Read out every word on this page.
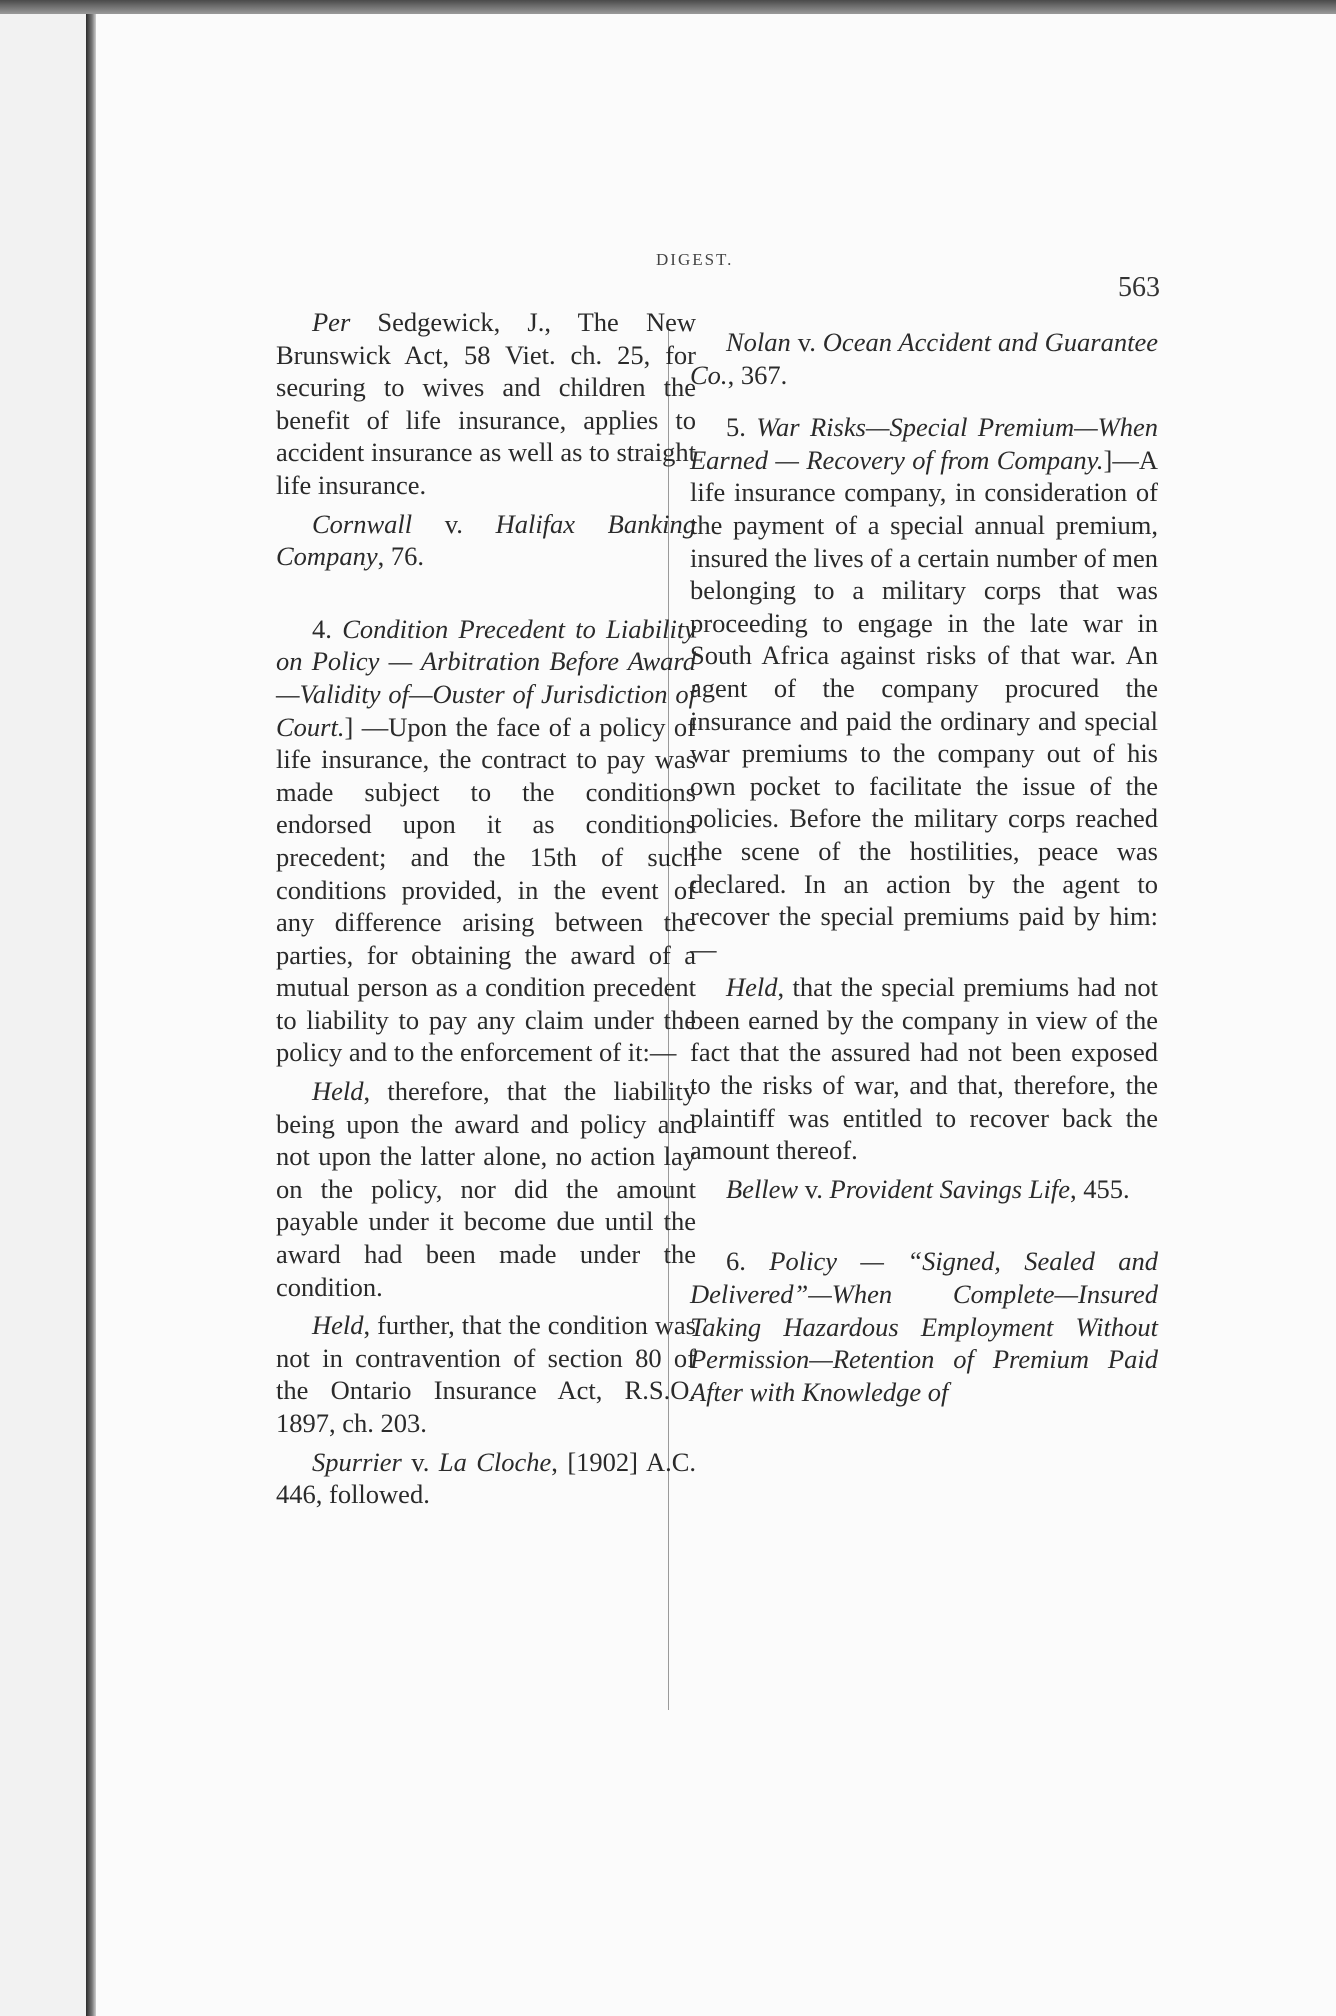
DIGEST.
563

Per Sedgewick, J., The New Brunswick Act, 58 Viet. ch. 25, for securing to wives and children the benefit of life insurance, applies to accident insurance as well as to straight life insurance.

Cornwall v. Halifax Banking Company, 76.

4. Condition Precedent to Liability on Policy — Arbitration Before Award—Validity of—Ouster of Jurisdiction of Court.] —Upon the face of a policy of life insurance, the contract to pay was made subject to the conditions endorsed upon it as conditions precedent; and the 15th of such conditions provided, in the event of any difference arising between the parties, for obtaining the award of a mutual person as a condition precedent to liability to pay any claim under the policy and to the enforcement of it:—

Held, therefore, that the liability being upon the award and policy and not upon the latter alone, no action lay on the policy, nor did the amount payable under it become due until the award had been made under the condition.

Held, further, that the condition was not in contravention of section 80 of the Ontario Insurance Act, R.S.O. 1897, ch. 203.

Spurrier v. La Cloche, [1902] A.C. 446, followed.

Nolan v. Ocean Accident and Guarantee Co., 367.

5. War Risks—Special Premium—When Earned — Recovery of from Company.]—A life insurance company, in consideration of the payment of a special annual premium, insured the lives of a certain number of men belonging to a military corps that was proceeding to engage in the late war in South Africa against risks of that war. An agent of the company procured the insurance and paid the ordinary and special war premiums to the company out of his own pocket to facilitate the issue of the policies. Before the military corps reached the scene of the hostilities, peace was declared. In an action by the agent to recover the special premiums paid by him:—

Held, that the special premiums had not been earned by the company in view of the fact that the assured had not been exposed to the risks of war, and that, therefore, the plaintiff was entitled to recover back the amount thereof.

Bellew v. Provident Savings Life, 455.

6. Policy — “Signed, Sealed and Delivered”—When Complete—Insured Taking Hazardous Employment Without Permission—Retention of Premium Paid After with Knowledge of
